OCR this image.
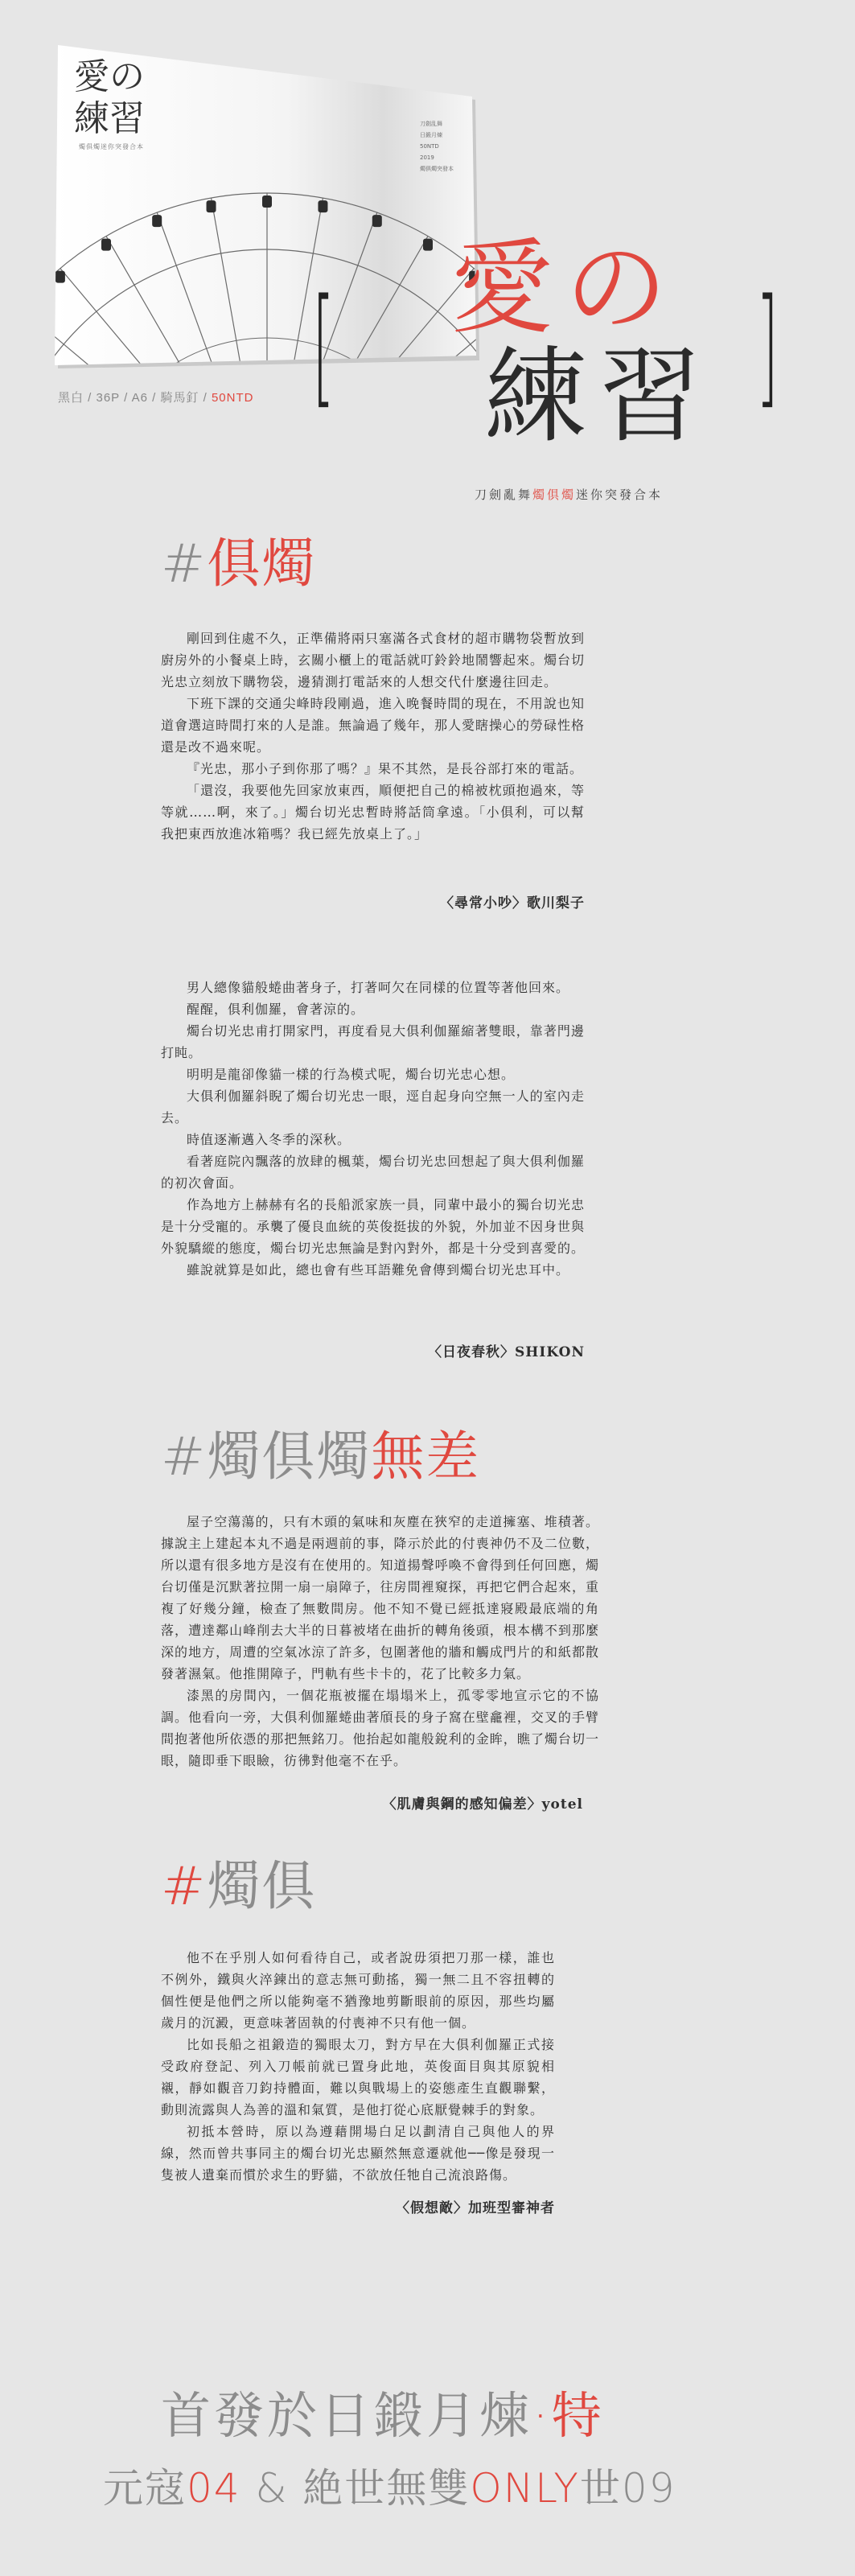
愛の
練習
燭俱燭迷你突發合本
刀劍乱舞
日鍛月煉
50NTD
2019
燭俱燭突發本
黑白 / 36P / A6 / 騎馬釘 / 50NTD [	]
愛の
練習
刀劍亂舞燭俱燭迷你突發合本
#俱燭

剛回到住處不久，正準備將兩只塞滿各式食材的超市購物袋暫放到廚房外的小餐桌上時，玄關小櫃上的電話就叮鈴鈴地鬧響起來。燭台切光忠立刻放下購物袋，邊猜測打電話來的人想交代什麼邊往回走。

下班下課的交通尖峰時段剛過，進入晚餐時間的現在，不用說也知道會選這時間打來的人是誰。無論過了幾年，那人愛瞎操心的勞碌性格還是改不過來呢。

『光忠，那小子到你那了嗎？』果不其然，是長谷部打來的電話。

「還沒，我要他先回家放東西，順便把自己的棉被枕頭抱過來，等等就……啊，來了。」燭台切光忠暫時將話筒拿遠。「小俱利，可以幫我把東西放進冰箱嗎？我已經先放桌上了。」

〈尋常小吵〉歌川梨子

男人總像貓般蜷曲著身子，打著呵欠在同樣的位置等著他回來。

醒醒，俱利伽羅，會著涼的。

燭台切光忠甫打開家門，再度看見大俱利伽羅縮著雙眼，靠著門邊打盹。

明明是龍卻像貓一樣的行為模式呢，燭台切光忠心想。

大俱利伽羅斜睨了燭台切光忠一眼，逕自起身向空無一人的室內走去。

時值逐漸邁入冬季的深秋。

看著庭院內飄落的放肆的楓葉，燭台切光忠回想起了與大俱利伽羅的初次會面。

作為地方上赫赫有名的長船派家族一員，同輩中最小的獨台切光忠是十分受寵的。承襲了優良血統的英俊挺拔的外貌，外加並不因身世與外貌驕縱的態度，燭台切光忠無論是對內對外，都是十分受到喜愛的。

雖說就算是如此，總也會有些耳語難免會傳到燭台切光忠耳中。

〈日夜春秋〉SHIKON
#燭俱燭無差

屋子空蕩蕩的，只有木頭的氣味和灰塵在狹窄的走道擁塞、堆積著。據說主上建起本丸不過是兩週前的事，降示於此的付喪神仍不及二位數，所以還有很多地方是沒有在使用的。知道揚聲呼喚不會得到任何回應，燭台切僅是沉默著拉開一扇一扇障子，往房間裡窺探，再把它們合起來，重複了好幾分鐘，檢查了無數間房。他不知不覺已經抵達寢殿最底端的角落，遭達鄰山峰削去大半的日暮被堵在曲折的轉角後頭，根本構不到那麼深的地方，周遭的空氣冰涼了許多，包圍著他的牆和觸成門片的和紙都散發著濕氣。他推開障子，門軌有些卡卡的，花了比較多力氣。

漆黑的房間內，一個花瓶被擺在塌塌米上，孤零零地宣示它的不協調。他看向一旁，大俱利伽羅蜷曲著頎長的身子窩在壁龕裡，交叉的手臂間抱著他所依憑的那把無銘刀。他抬起如龍般銳利的金眸，瞧了燭台切一眼，隨即垂下眼瞼，彷彿對他毫不在乎。

〈肌膚與鋼的感知偏差〉yotel
#燭俱

他不在乎別人如何看待自己，或者說毋須把刀那一樣，誰也不例外，鐵與火淬鍊出的意志無可動搖，獨一無二且不容扭轉的個性便是他們之所以能夠毫不猶豫地剪斷眼前的原因，那些均屬歲月的沉澱，更意味著固執的付喪神不只有他一個。

比如長船之祖鍛造的獨眼太刀，對方早在大俱利伽羅正式接受政府登記、列入刀帳前就已置身此地，英俊面目與其原貌相襯，靜如觀音刀鈞持體面，難以與戰場上的姿態產生直觀聯繫，動則流露與人為善的溫和氣質，是他打從心底厭覺棘手的對象。

初抵本營時，原以為遵藉開場白足以劃清自己與他人的界線，然而曾共事同主的燭台切光忠顯然無意遷就他──像是發現一隻被人遺棄而慣於求生的野貓，不欲放任牠自己流浪路傷。

〈假想敵〉加班型審神者
首發於日鍛月煉·特
元寇04 & 絶世無雙ONLY世09
